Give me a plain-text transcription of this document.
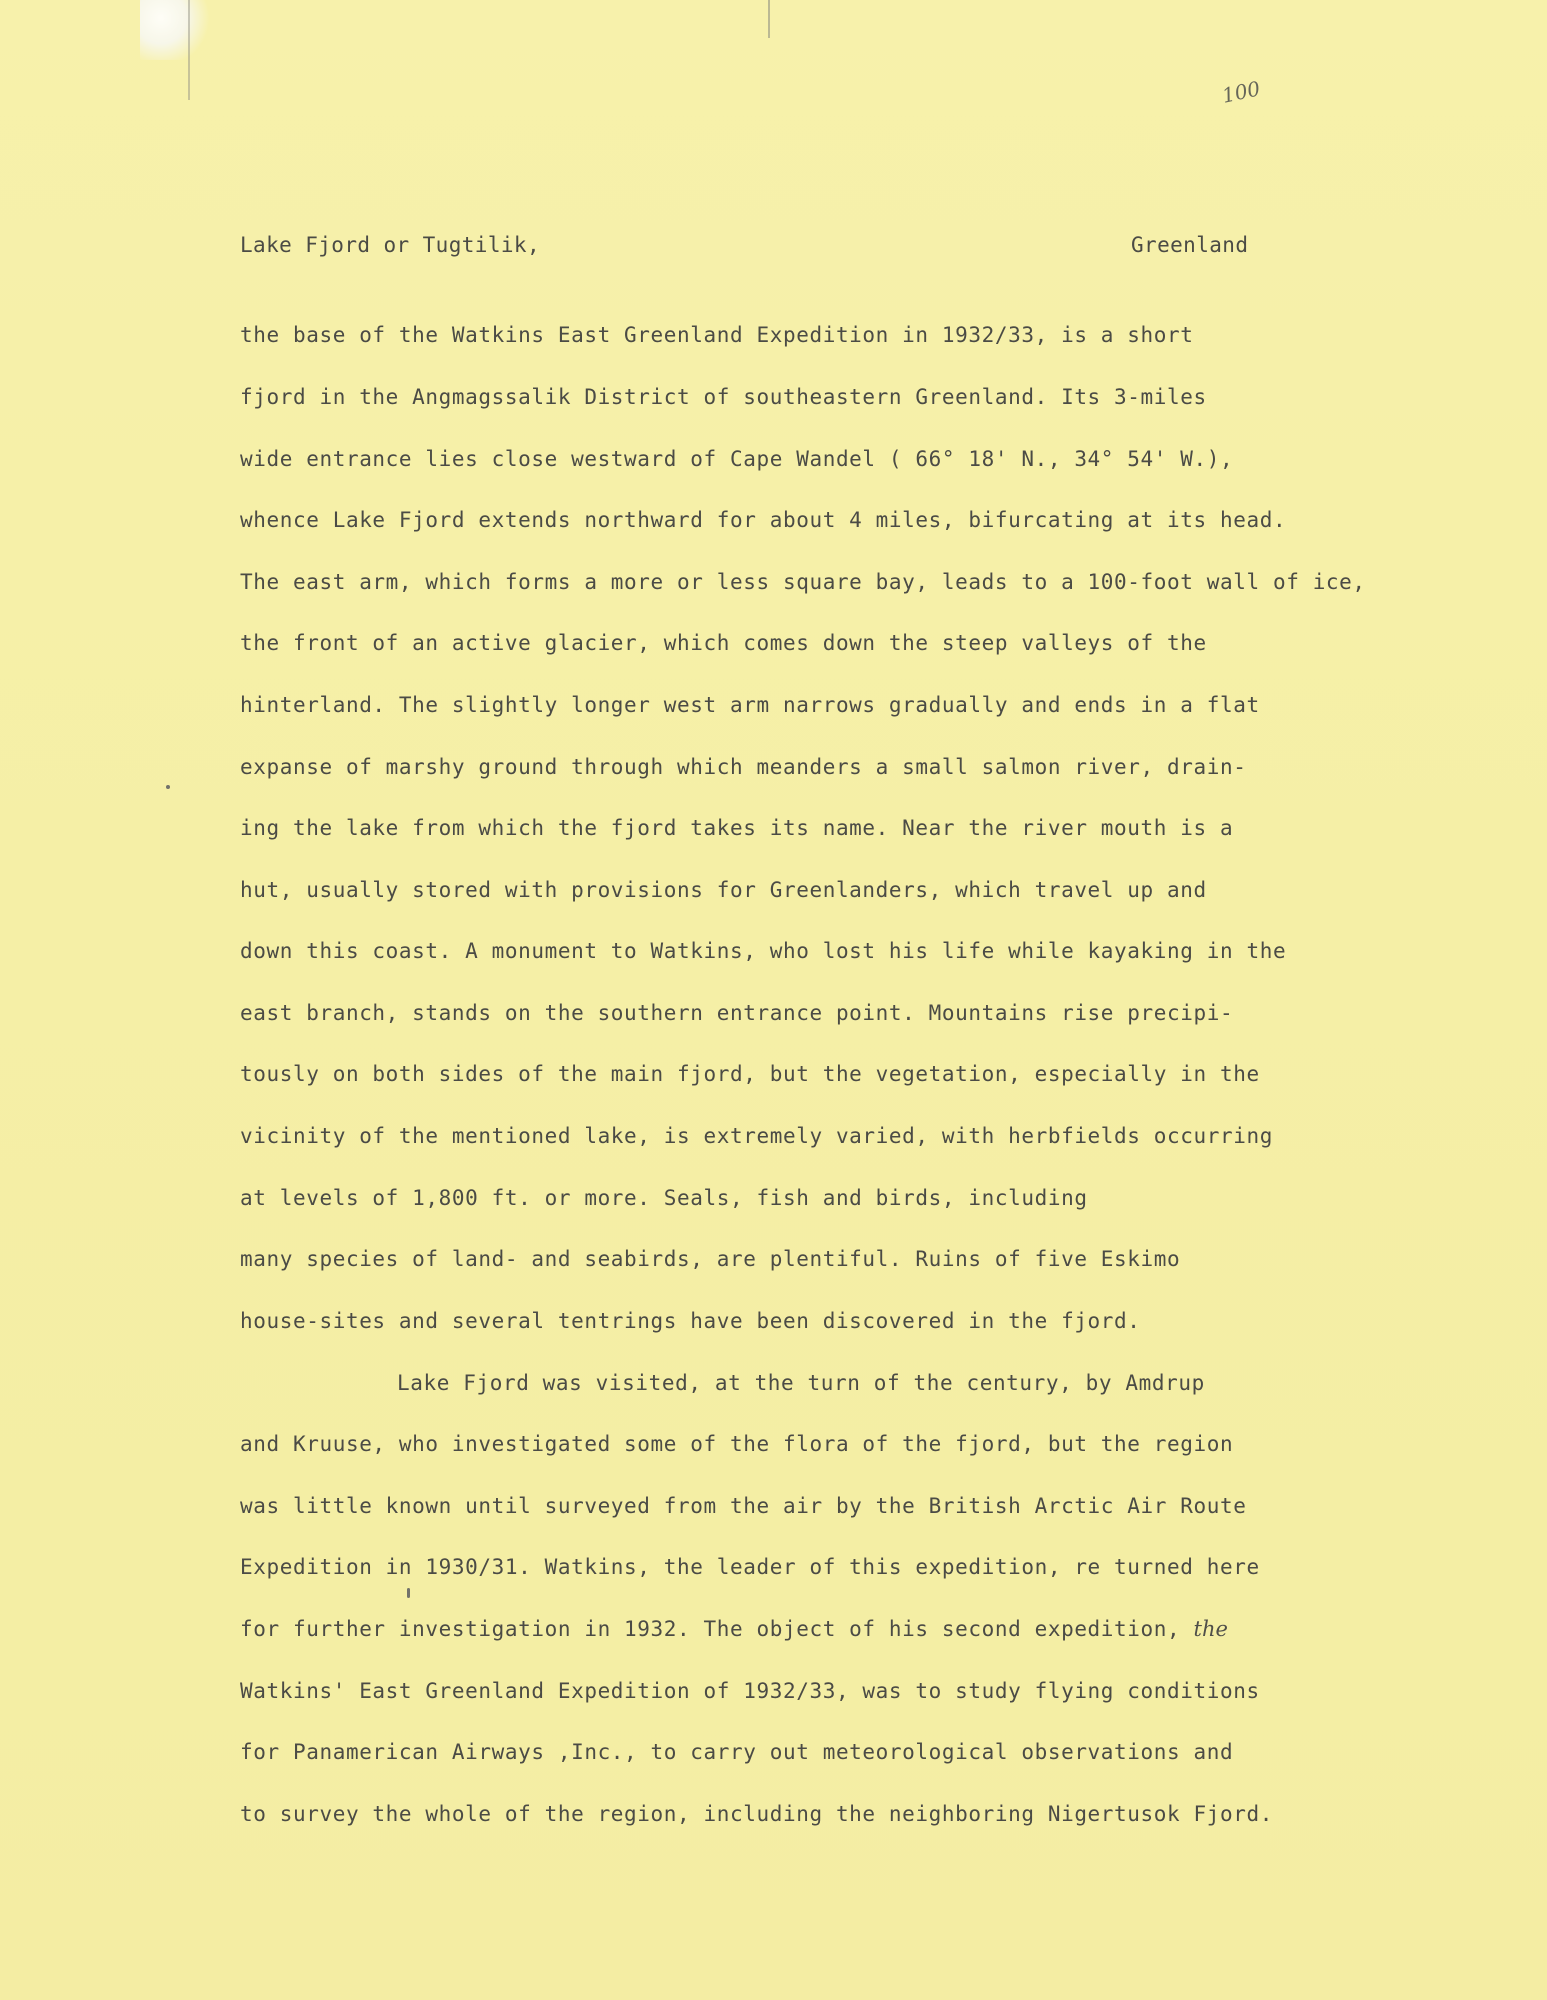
100
Lake Fjord or Tugtilik,	Greenland
the base of the Watkins East Greenland Expedition in 1932/33, is a short
fjord in the Angmagssalik District of southeastern Greenland. Its 3-miles
wide entrance lies close westward of Cape Wandel ( 66° 18' N., 34° 54' W.),
whence Lake Fjord extends northward for about 4 miles, bifurcating at its head.
The east arm, which forms a more or less square bay, leads to a 100-foot wall of ice,
the front of an active glacier, which comes down the steep valleys of the
hinterland. The slightly longer west arm narrows gradually and ends in a flat
expanse of marshy ground through which meanders a small salmon river, drain-
ing the lake from which the fjord takes its name. Near the river mouth is a
hut, usually stored with provisions for Greenlanders, which travel up and
down this coast. A monument to Watkins, who lost his life while kayaking in the
east branch, stands on the southern entrance point. Mountains rise precipi-
tously on both sides of the main fjord, but the vegetation, especially in the
vicinity of the mentioned lake, is extremely varied, with herbfields occurring
at levels of 1,800 ft. or more. Seals, fish and birds, including
many species of land- and seabirds, are plentiful. Ruins of five Eskimo
house-sites and several tentrings have been discovered in the fjord.
Lake Fjord was visited, at the turn of the century, by Amdrup
and Kruuse, who investigated some of the flora of the fjord, but the region
was little known until surveyed from the air by the British Arctic Air Route
Expedition in 1930/31. Watkins, the leader of this expedition, re turned here
for further investigation in 1932. The object of his second expedition, the
Watkins' East Greenland Expedition of 1932/33, was to study flying conditions
for Panamerican Airways ,Inc., to carry out meteorological observations and
to survey the whole of the region, including the neighboring Nigertusok Fjord.
